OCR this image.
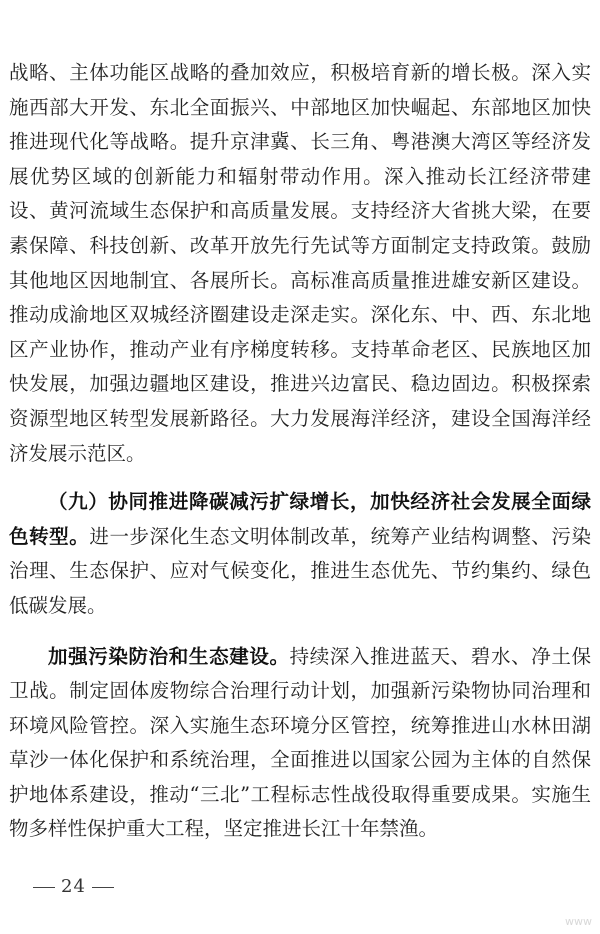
战略、主体功能区战略的叠加效应，积极培育新的增长极。深入实施西部大开发、东北全面振兴、中部地区加快崛起、东部地区加快推进现代化等战略。提升京津冀、长三角、粤港澳大湾区等经济发展优势区域的创新能力和辐射带动作用。深入推动长江经济带建设、黄河流域生态保护和高质量发展。支持经济大省挑大梁，在要素保障、科技创新、改革开放先行先试等方面制定支持政策。鼓励其他地区因地制宜、各展所长。高标准高质量推进雄安新区建设。推动成渝地区双城经济圈建设走深走实。深化东、中、西、东北地区产业协作，推动产业有序梯度转移。支持革命老区、民族地区加快发展，加强边疆地区建设，推进兴边富民、稳边固边。积极探索资源型地区转型发展新路径。大力发展海洋经济，建设全国海洋经济发展示范区。

（九）协同推进降碳减污扩绿增长，加快经济社会发展全面绿色转型。进一步深化生态文明体制改革，统筹产业结构调整、污染治理、生态保护、应对气候变化，推进生态优先、节约集约、绿色低碳发展。

加强污染防治和生态建设。持续深入推进蓝天、碧水、净土保卫战。制定固体废物综合治理行动计划，加强新污染物协同治理和环境风险管控。深入实施生态环境分区管控，统筹推进山水林田湖草沙一体化保护和系统治理，全面推进以国家公园为主体的自然保护地体系建设，推动“三北”工程标志性战役取得重要成果。实施生物多样性保护重大工程，坚定推进长江十年禁渔。

24
www
